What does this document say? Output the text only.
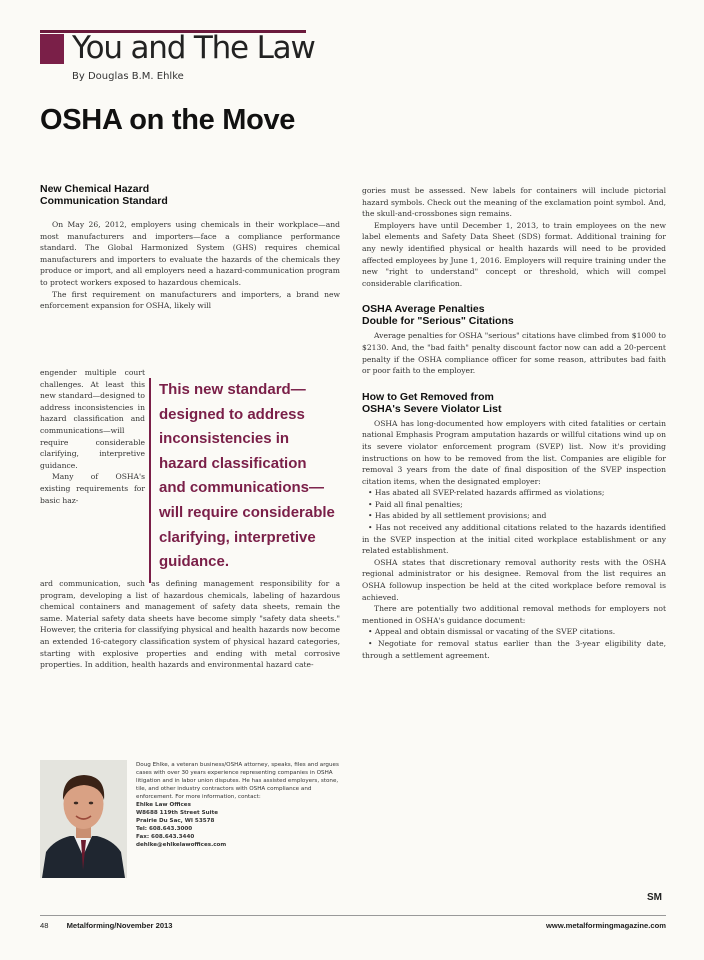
You and The Law
By Douglas B.M. Ehlke
OSHA on the Move
New Chemical Hazard
Communication Standard

On May 26, 2012, employers using chemicals in their workplace—and most manufacturers and importers—face a compliance performance standard. The Global Harmonized System (GHS) requires chemical manufacturers and importers to evaluate the hazards of the chemicals they produce or import, and all employers need a hazard-communication program to protect workers exposed to hazardous chemicals.

The first requirement on manufacturers and importers, a brand new enforcement expansion for OSHA, likely will

engender multiple court challenges. At least this new standard—designed to address inconsistencies in hazard classification and communications—will require considerable clarifying, interpretive guidance.

Many of OSHA's existing requirements for basic haz-

This new standard—
designed to address
inconsistencies in
hazard classification
and communications—
will require considerable
clarifying, interpretive
guidance.

ard communication, such as defining management responsibility for a program, developing a list of hazardous chemicals, labeling of hazardous chemical containers and management of safety data sheets, remain the same. Material safety data sheets have become simply "safety data sheets." However, the criteria for classifying physical and health hazards now become an extended 16-category classification system of physical hazard categories, starting with explosive properties and ending with metal corrosive properties. In addition, health hazards and environmental hazard cate-

gories must be assessed. New labels for containers will include pictorial hazard symbols. Check out the meaning of the exclamation point symbol. And, the skull-and-crossbones sign remains.

Employers have until December 1, 2013, to train employees on the new label elements and Safety Data Sheet (SDS) format. Additional training for any newly identified physical or health hazards will need to be provided affected employees by June 1, 2016. Employers will require training under the new "right to understand" concept or threshold, which will compel considerable clarification.

OSHA Average Penalties
Double for "Serious" Citations

Average penalties for OSHA "serious" citations have climbed from $1000 to $2130. And, the "bad faith" penalty discount factor now can add a 20-percent penalty if the OSHA compliance officer for some reason, attributes bad faith or poor faith to the employer.

How to Get Removed from
OSHA's Severe Violator List

OSHA has long-documented how employers with cited fatalities or certain national Emphasis Program amputation hazards or willful citations wind up on its severe violator enforcement program (SVEP) list. Now it's providing instructions on how to be removed from the list. Companies are eligible for removal 3 years from the date of final disposition of the SVEP inspection citation items, when the designated employer:

• Has abated all SVEP-related hazards affirmed as violations;

• Paid all final penalties;

• Has abided by all settlement provisions; and

• Has not received any additional citations related to the hazards identified in the SVEP inspection at the initial cited workplace establishment or any related establishment.

OSHA states that discretionary removal authority rests with the OSHA regional administrator or his designee. Removal from the list requires an OSHA followup inspection be held at the cited workplace before removal is achieved.

There are potentially two additional removal methods for employers not mentioned in OSHA's guidance document:

• Appeal and obtain dismissal or vacating of the SVEP citations.

• Negotiate for removal status earlier than the 3-year eligibility date, through a settlement agreement.

Doug Ehlke, a veteran business/OSHA attorney, speaks, files and argues cases with over 30 years experience representing companies in OSHA litigation and in labor union disputes. He has assisted employers, stone, tile, and other industry contractors with OSHA compliance and enforcement. For more information, contact:
Ehlke Law Offices
W8688 119th Street Suite
Prairie Du Sac, WI 53578
Tel: 608.643.3000
Fax: 608.643.3440
dehlke@ehlkelawoffices.com
SM
48 Metalforming/November 2013	www.metalformingmagazine.com
